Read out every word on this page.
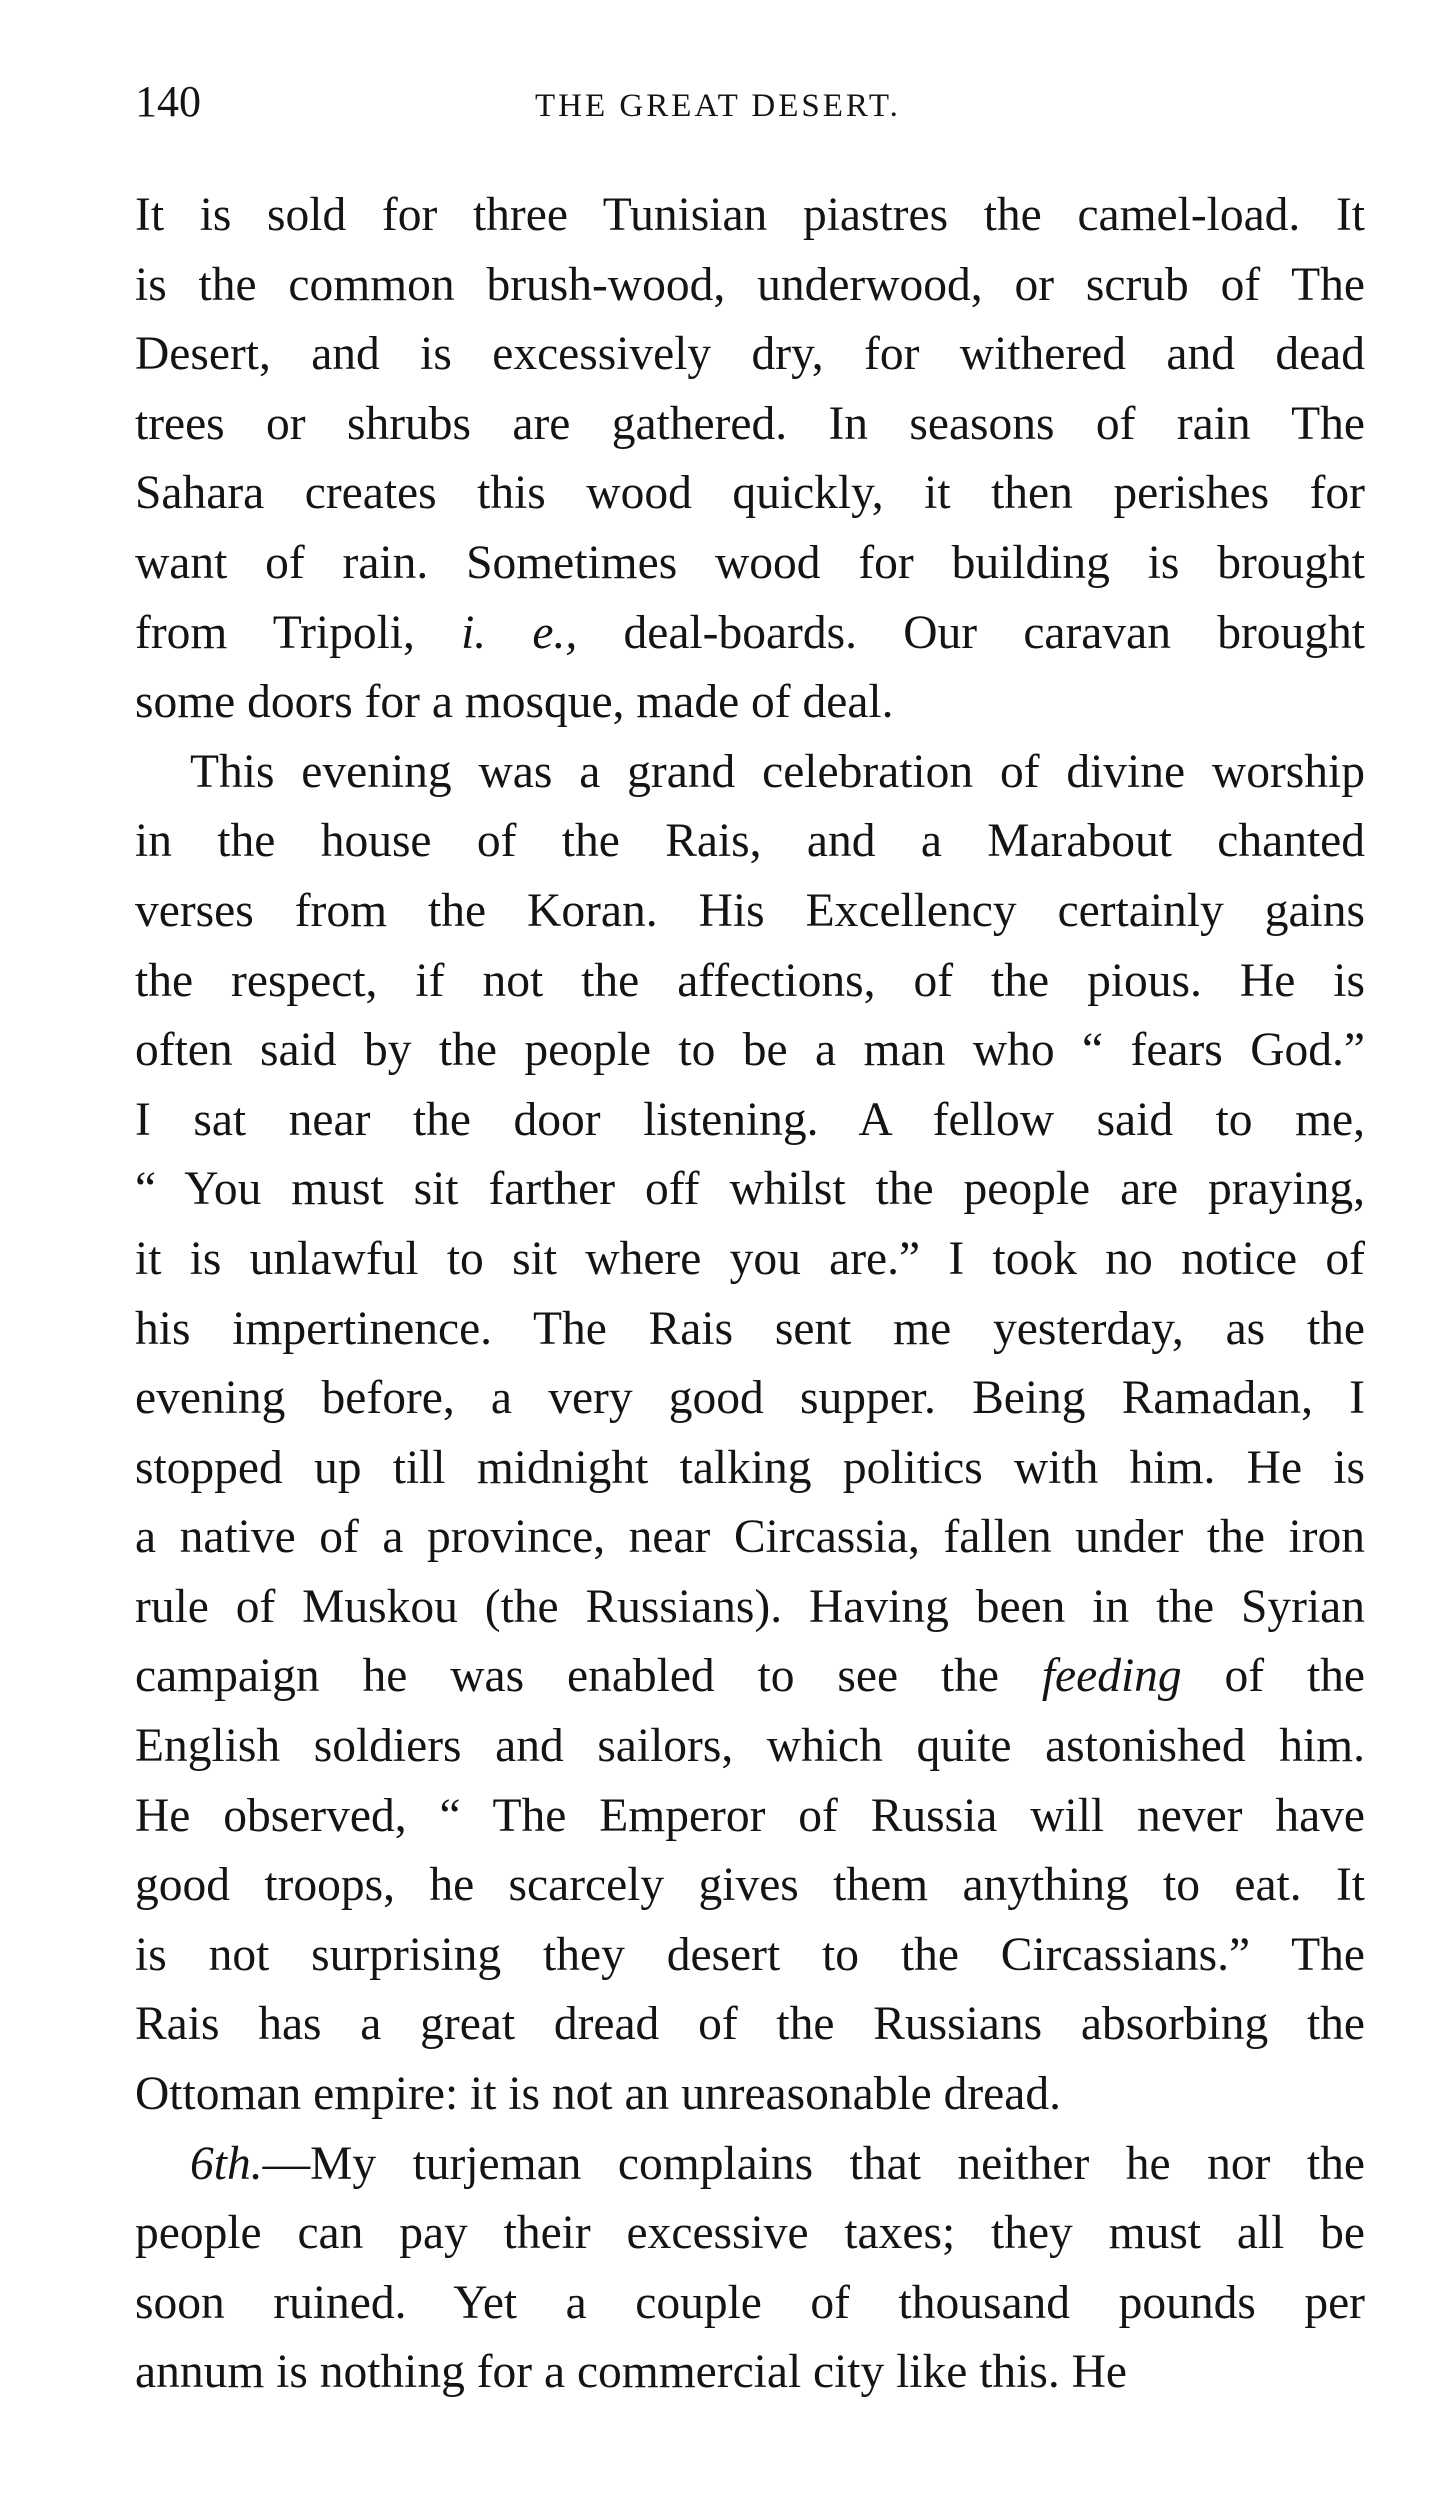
140	THE GREAT DESERT.
It is sold for three Tunisian piastres the camel-load. It
is the common brush-wood, underwood, or scrub of The
Desert, and is excessively dry, for withered and dead
trees or shrubs are gathered. In seasons of rain The
Sahara creates this wood quickly, it then perishes for
want of rain. Sometimes wood for building is brought
from Tripoli, i. e., deal-boards. Our caravan brought
some doors for a mosque, made of deal.
This evening was a grand celebration of divine worship
in the house of the Rais, and a Marabout chanted
verses from the Koran. His Excellency certainly gains
the respect, if not the affections, of the pious. He is
often said by the people to be a man who “ fears God.”
I sat near the door listening. A fellow said to me,
“ You must sit farther off whilst the people are praying,
it is unlawful to sit where you are.” I took no notice of
his impertinence. The Rais sent me yesterday, as the
evening before, a very good supper. Being Ramadan, I
stopped up till midnight talking politics with him. He is
a native of a province, near Circassia, fallen under the iron
rule of Muskou (the Russians). Having been in the Syrian
campaign he was enabled to see the feeding of the
English soldiers and sailors, which quite astonished him.
He observed, “ The Emperor of Russia will never have
good troops, he scarcely gives them anything to eat. It
is not surprising they desert to the Circassians.” The
Rais has a great dread of the Russians absorbing the
Ottoman empire: it is not an unreasonable dread.
6th.—My turjeman complains that neither he nor the
people can pay their excessive taxes; they must all be
soon ruined. Yet a couple of thousand pounds per
annum is nothing for a commercial city like this. He
